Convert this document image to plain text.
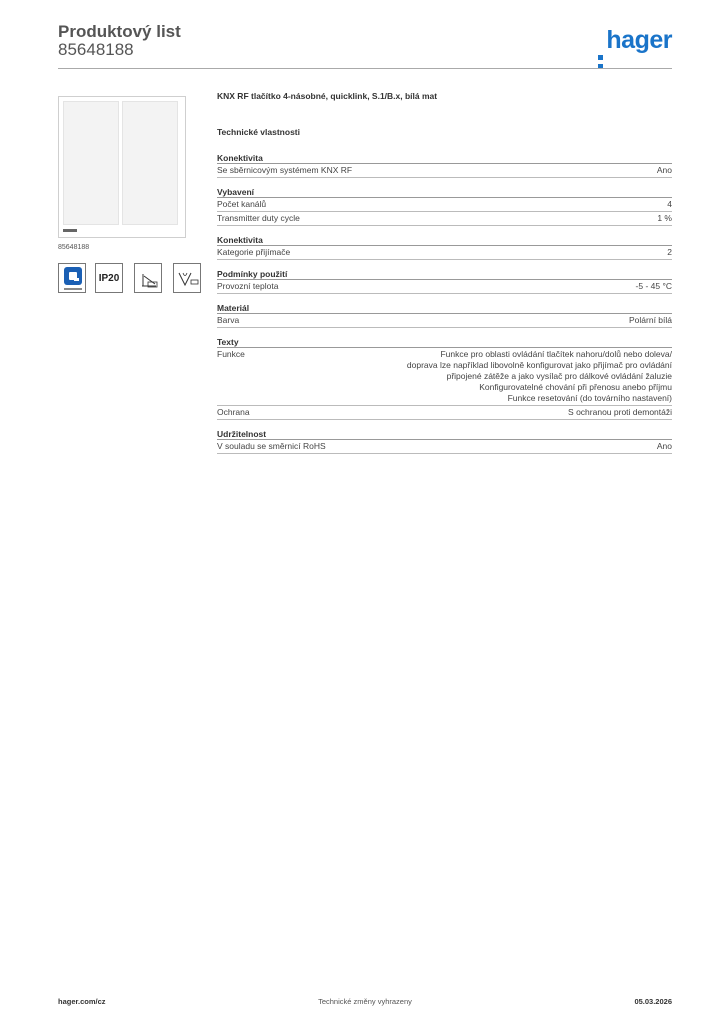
Produktový list
85648188	hager
85648188
IP20
KNX RF tlačítko 4-násobné, quicklink, S.1/B.x, bílá mat
Technické vlastnosti
Konektivita
Se sběrnicovým systémem KNX RF	Ano
Vybavení
Počet kanálů	4
Transmitter duty cycle	1 %
Konektivita
Kategorie přijímače	2
Podmínky použití
Provozní teplota	-5 - 45 °C
Materiál
Barva	Polární bílá
Texty
Funkce	Funkce pro oblasti ovládání tlačítek nahoru/dolů nebo doleva/
doprava lze například libovolně konfigurovat jako přijímač pro ovládání
připojené zátěže a jako vysílač pro dálkové ovládání žaluzie
Konfigurovatelné chování při přenosu anebo příjmu
Funkce resetování (do továrního nastavení)
Ochrana	S ochranou proti demontáži
Udržitelnost
V souladu se směrnicí RoHS	Ano
Technické změny vyhrazeny
hager.com/cz	05.03.2026
